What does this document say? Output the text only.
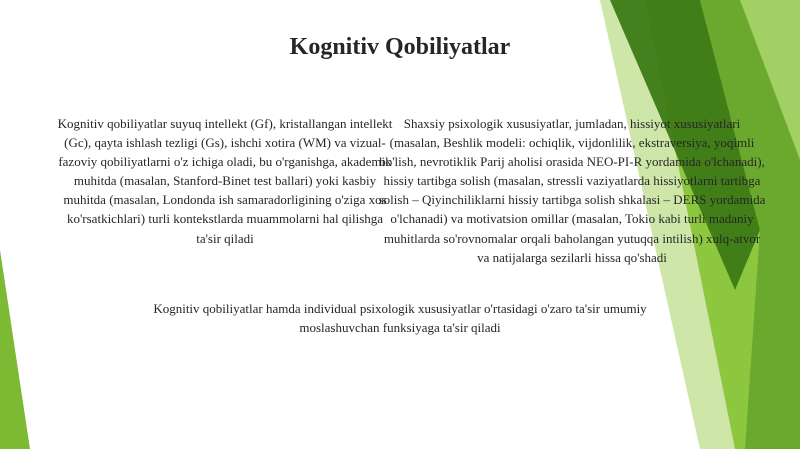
Kognitiv Qobiliyatlar
Kognitiv qobiliyatlar suyuq intellekt (Gf), kristallangan intellekt (Gc), qayta ishlash tezligi (Gs), ishchi xotira (WM) va vizual-fazoviy qobiliyatlarni o'z ichiga oladi, bu o'rganishga, akademik muhitda (masalan, Stanford-Binet test ballari) yoki kasbiy muhitda (masalan, Londonda ish samaradorligining o'ziga xos ko'rsatkichlari) turli kontekstlarda muammolarni hal qilishga ta'sir qiladi
Shaxsiy psixologik xususiyatlar, jumladan, hissiyot xususiyatlari (masalan, Beshlik modeli: ochiqlik, vijdonlilik, ekstraversiya, yoqimli bo'lish, nevrotiklik Parij aholisi orasida NEO-PI-R yordamida o'lchanadi), hissiy tartibga solish (masalan, stressli vaziyatlarda hissiyotlarni tartibga solish – Qiyinchiliklarni hissiy tartibga solish shkalasi – DERS yordamida o'lchanadi) va motivatsion omillar (masalan, Tokio kabi turli madaniy muhitlarda so'rovnomalar orqali baholangan yutuqqa intilish) xulq-atvor va natijalarga sezilarli hissa qo'shadi
Kognitiv qobiliyatlar hamda individual psixologik xususiyatlar o'rtasidagi o'zaro ta'sir umumiy moslashuvchan funksiyaga ta'sir qiladi
